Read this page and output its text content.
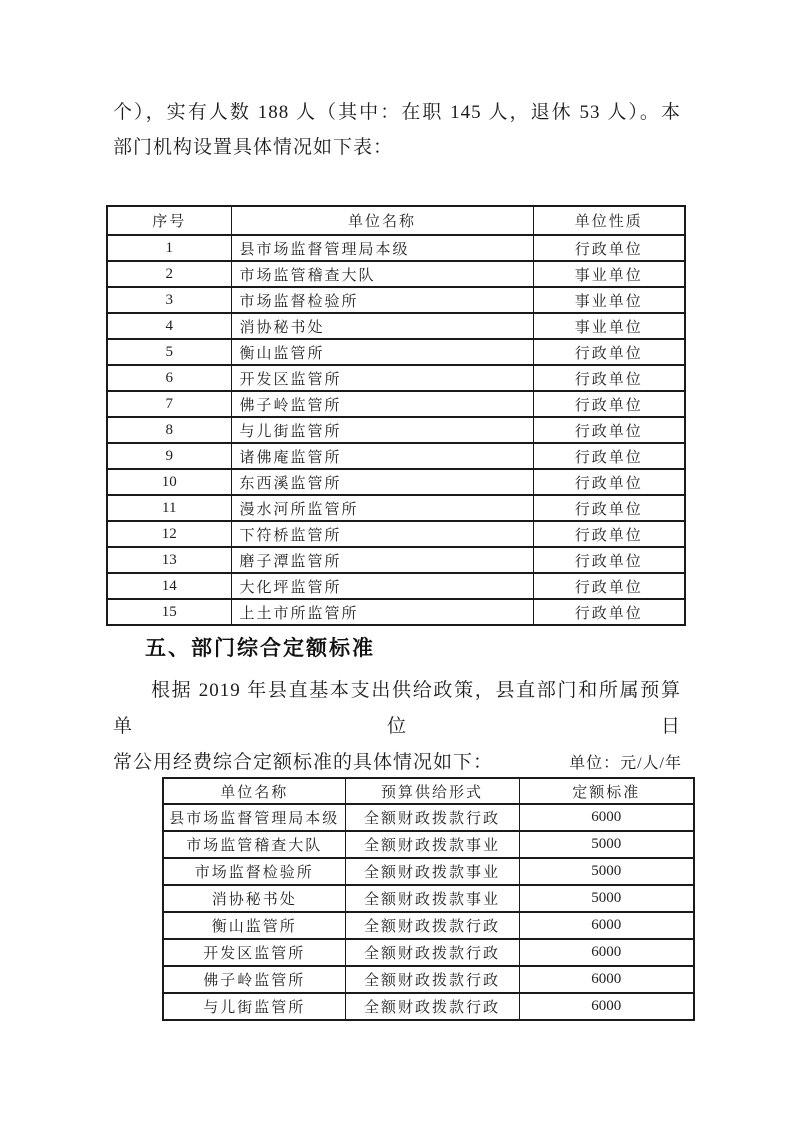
个），实有人数 188 人（其中：在职 145 人，退休 53 人）。本
部门机构设置具体情况如下表：
序号	单位名称	单位性质
1	县市场监督管理局本级	行政单位
2	市场监管稽查大队	事业单位
3	市场监督检验所	事业单位
4	消协秘书处	事业单位
5	衡山监管所	行政单位
6	开发区监管所	行政单位
7	佛子岭监管所	行政单位
8	与儿街监管所	行政单位
9	诸佛庵监管所	行政单位
10	东西溪监管所	行政单位
11	漫水河所监管所	行政单位
12	下符桥监管所	行政单位
13	磨子潭监管所	行政单位
14	大化坪监管所	行政单位
15	上土市所监管所	行政单位
五、部门综合定额标准
根据 2019 年县直基本支出供给政策，县直部门和所属预算单位日
常公用经费综合定额标准的具体情况如下：	单位：元/人/年
单位名称	预算供给形式	定额标准
县市场监督管理局本级	全额财政拨款行政	6000
市场监管稽查大队	全额财政拨款事业	5000
市场监督检验所	全额财政拨款事业	5000
消协秘书处	全额财政拨款事业	5000
衡山监管所	全额财政拨款行政	6000
开发区监管所	全额财政拨款行政	6000
佛子岭监管所	全额财政拨款行政	6000
与儿街监管所	全额财政拨款行政	6000
